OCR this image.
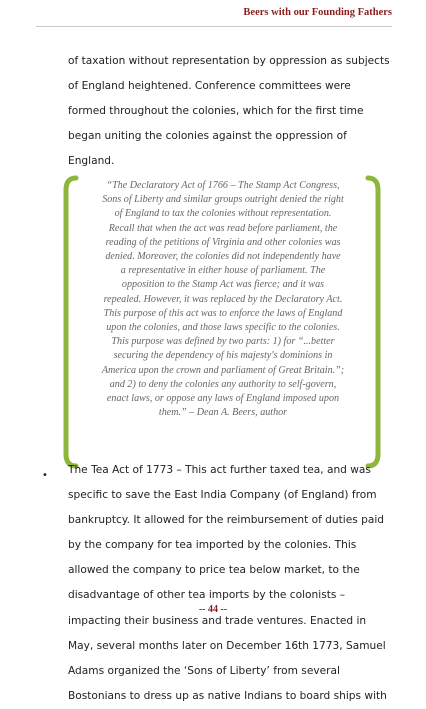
Beers with our Founding Fathers
of taxation without representation by oppression as subjects
of England heightened. Conference committees were
formed throughout the colonies, which for the first time
began uniting the colonies against the oppression of
England.
“The Declaratory Act of 1766 – The Stamp Act Congress,
Sons of Liberty and similar groups outright denied the right
of England to tax the colonies without representation.
Recall that when the act was read before parliament, the
reading of the petitions of Virginia and other colonies was
denied. Moreover, the colonies did not independently have
a representative in either house of parliament. The
opposition to the Stamp Act was fierce; and it was
repealed. However, it was replaced by the Declaratory Act.
This purpose of this act was to enforce the laws of England
upon the colonies, and those laws specific to the colonies.
This purpose was defined by two parts: 1) for “...better
securing the dependency of his majesty's dominions in
America upon the crown and parliament of Great Britain.”;
and 2) to deny the colonies any authority to self-govern,
enact laws, or oppose any laws of England imposed upon
them.” – Dean A. Beers, author
• The Tea Act of 1773 – This act further taxed tea, and was
specific to save the East India Company (of England) from
bankruptcy. It allowed for the reimbursement of duties paid
by the company for tea imported by the colonies. This
allowed the company to price tea below market, to the
disadvantage of other tea imports by the colonists –
impacting their business and trade ventures. Enacted in
May, several months later on December 16th 1773, Samuel
Adams organized the ‘Sons of Liberty’ from several
Bostonians to dress up as native Indians to board ships with
-- 44 --
